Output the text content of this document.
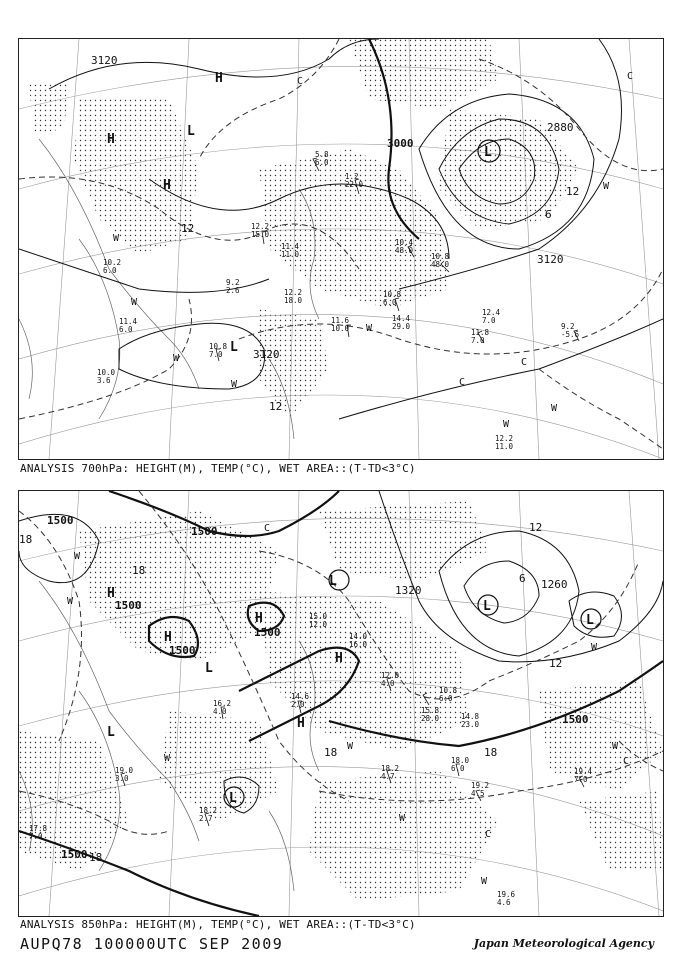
3120
3000
2880
3120
3120
12
12
6
12
H
H
L
L
L
H
W
W
W
W
W
W
C
C
C
W
W
C
5.8
6.0
1.2
22.0
12.2
15.0
11.4
11.0
10.4
48.0
10.8
48.0
10.8
6.0
14.4
29.0
11.6
10.0
10.8
7.0
10.0
3.6
9.2
-5.6
11.8
7.0
12.2
11.0
10.2
6.0
11.4
6.0
9.2
2.6	12.2
18.0
12.4
7.0
ANALYSIS 700hPa: HEIGHT(M), TEMP(°C), WET AREA::(T-TD<3°C)
1500
1500
1500
1500
1500
1320	1260
1500
1500
18
18
18	18
18
12
6
12
H
H
H
H
H
L
L
L
L
L
L
W
W
W
W
W
W
C
C
C
W
W
19.4
7.0
19.2
4.5
19.6
4.6
18.0
6.0
14.8
23.0
10.8
6.0
15.8
28.0
12.0
4.0
14.6
2.0
16.2
4.0
18.2
4.7
18.2
2.7
17.8
7.0
19.0
3.0
14.0
16.0
15.0
12.0
ANALYSIS 850hPa: HEIGHT(M), TEMP(°C), WET AREA::(T-TD<3°C)
AUPQ78 100000UTC SEP 2009	Japan Meteorological Agency
